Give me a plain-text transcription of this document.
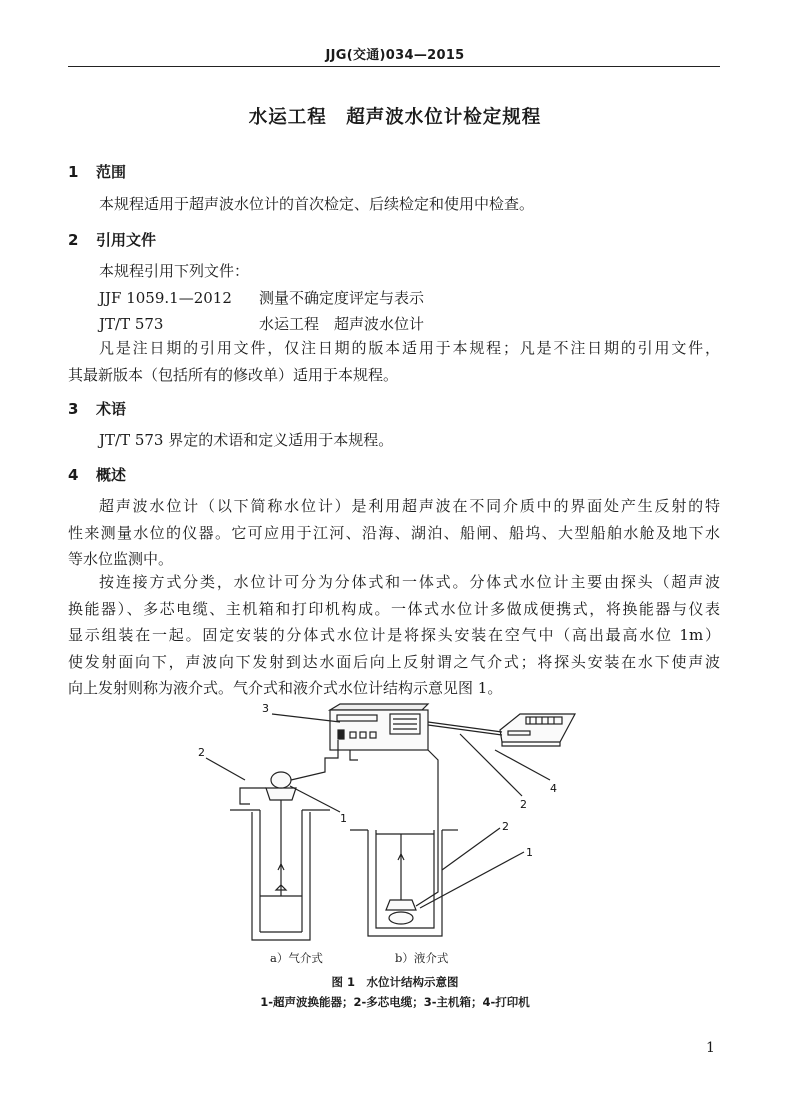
JJG(交通)034—2015
水运工程　超声波水位计检定规程
1 范围
本规程适用于超声波水位计的首次检定、后续检定和使用中检查。
2 引用文件
本规程引用下列文件：
JJF 1059.1—2012 测量不确定度评定与表示
JT/T 573	水运工程　超声波水位计
凡是注日期的引用文件，仅注日期的版本适用于本规程；凡是不注日期的引用文件，
其最新版本（包括所有的修改单）适用于本规程。
3 术语
JT/T 573 界定的术语和定义适用于本规程。
4 概述
超声波水位计（以下简称水位计）是利用超声波在不同介质中的界面处产生反射的特
性来测量水位的仪器。它可应用于江河、沿海、湖泊、船闸、船坞、大型船舶水舱及地下水
等水位监测中。
按连接方式分类，水位计可分为分体式和一体式。分体式水位计主要由探头（超声波
换能器）、多芯电缆、主机箱和打印机构成。一体式水位计多做成便携式，将换能器与仪表
显示组装在一起。固定安装的分体式水位计是将探头安装在空气中（高出最高水位 1m）
使发射面向下，声波向下发射到达水面后向上反射谓之气介式；将探头安装在水下使声波
向上发射则称为液介式。气介式和液介式水位计结构示意见图 1。
3
2
1
4
2
2
1
a）气介式	b）液介式
图 1　水位计结构示意图
1-超声波换能器；2-多芯电缆；3-主机箱；4-打印机
1
